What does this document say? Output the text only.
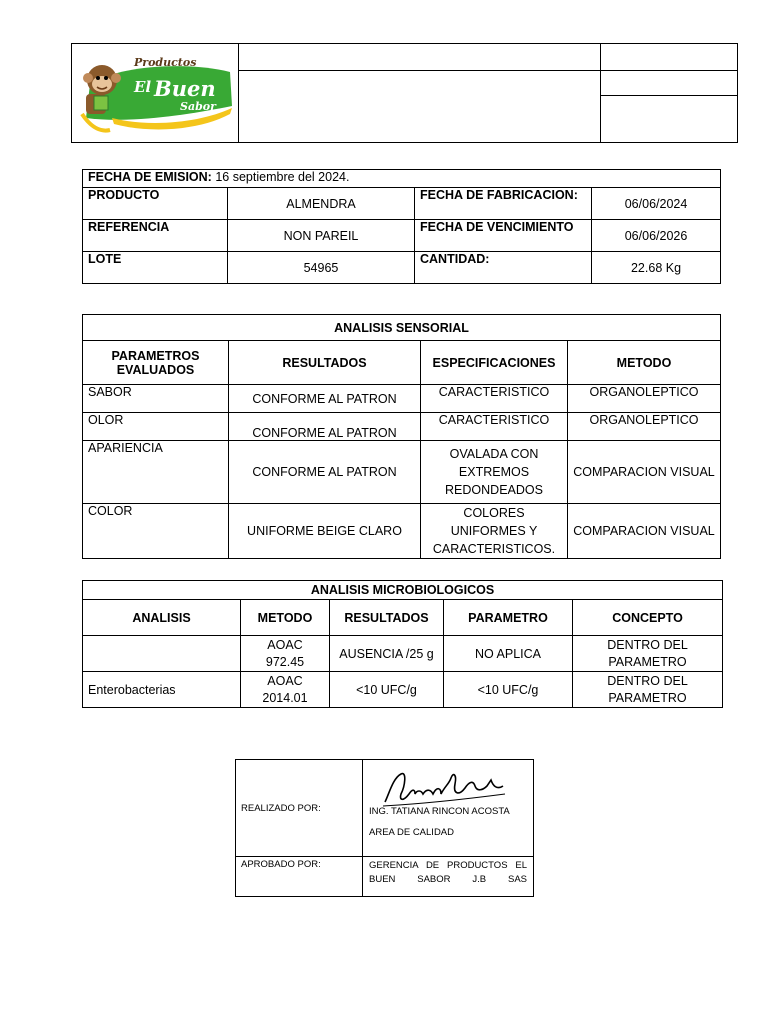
Productos
El Buen
Sabor		

FECHA DE EMISION: 16 septiembre del 2024.			
PRODUCTO	ALMENDRA	FECHA DE FABRICACION:	06/06/2024
REFERENCIA	NON PAREIL	FECHA DE VENCIMIENTO	06/06/2026
LOTE	54965	CANTIDAD:	22.68 Kg
ANALISIS SENSORIAL			
PARAMETROS EVALUADOS	RESULTADOS	ESPECIFICACIONES	METODO
SABOR	CONFORME AL PATRON	CARACTERISTICO	ORGANOLEPTICO
OLOR	CONFORME AL PATRON	CARACTERISTICO	ORGANOLEPTICO
APARIENCIA	CONFORME AL PATRON	OVALADA CON EXTREMOS REDONDEADOS	COMPARACION VISUAL
COLOR	UNIFORME BEIGE CLARO	COLORES UNIFORMES Y CARACTERISTICOS.	COMPARACION VISUAL
ANALISIS MICROBIOLOGICOS				
ANALISIS	METODO	RESULTADOS	PARAMETRO	CONCEPTO
	AOAC 972.45	AUSENCIA /25 g	NO APLICA	DENTRO DEL PARAMETRO
Enterobacterias	AOAC 2014.01	<10 UFC/g	<10 UFC/g	DENTRO DEL PARAMETRO
REALIZADO POR:	ING. TATIANA RINCON ACOSTA
AREA DE CALIDAD

APROBADO POR:	GERENCIA DE PRODUCTOS EL BUEN SABOR J.B SAS
